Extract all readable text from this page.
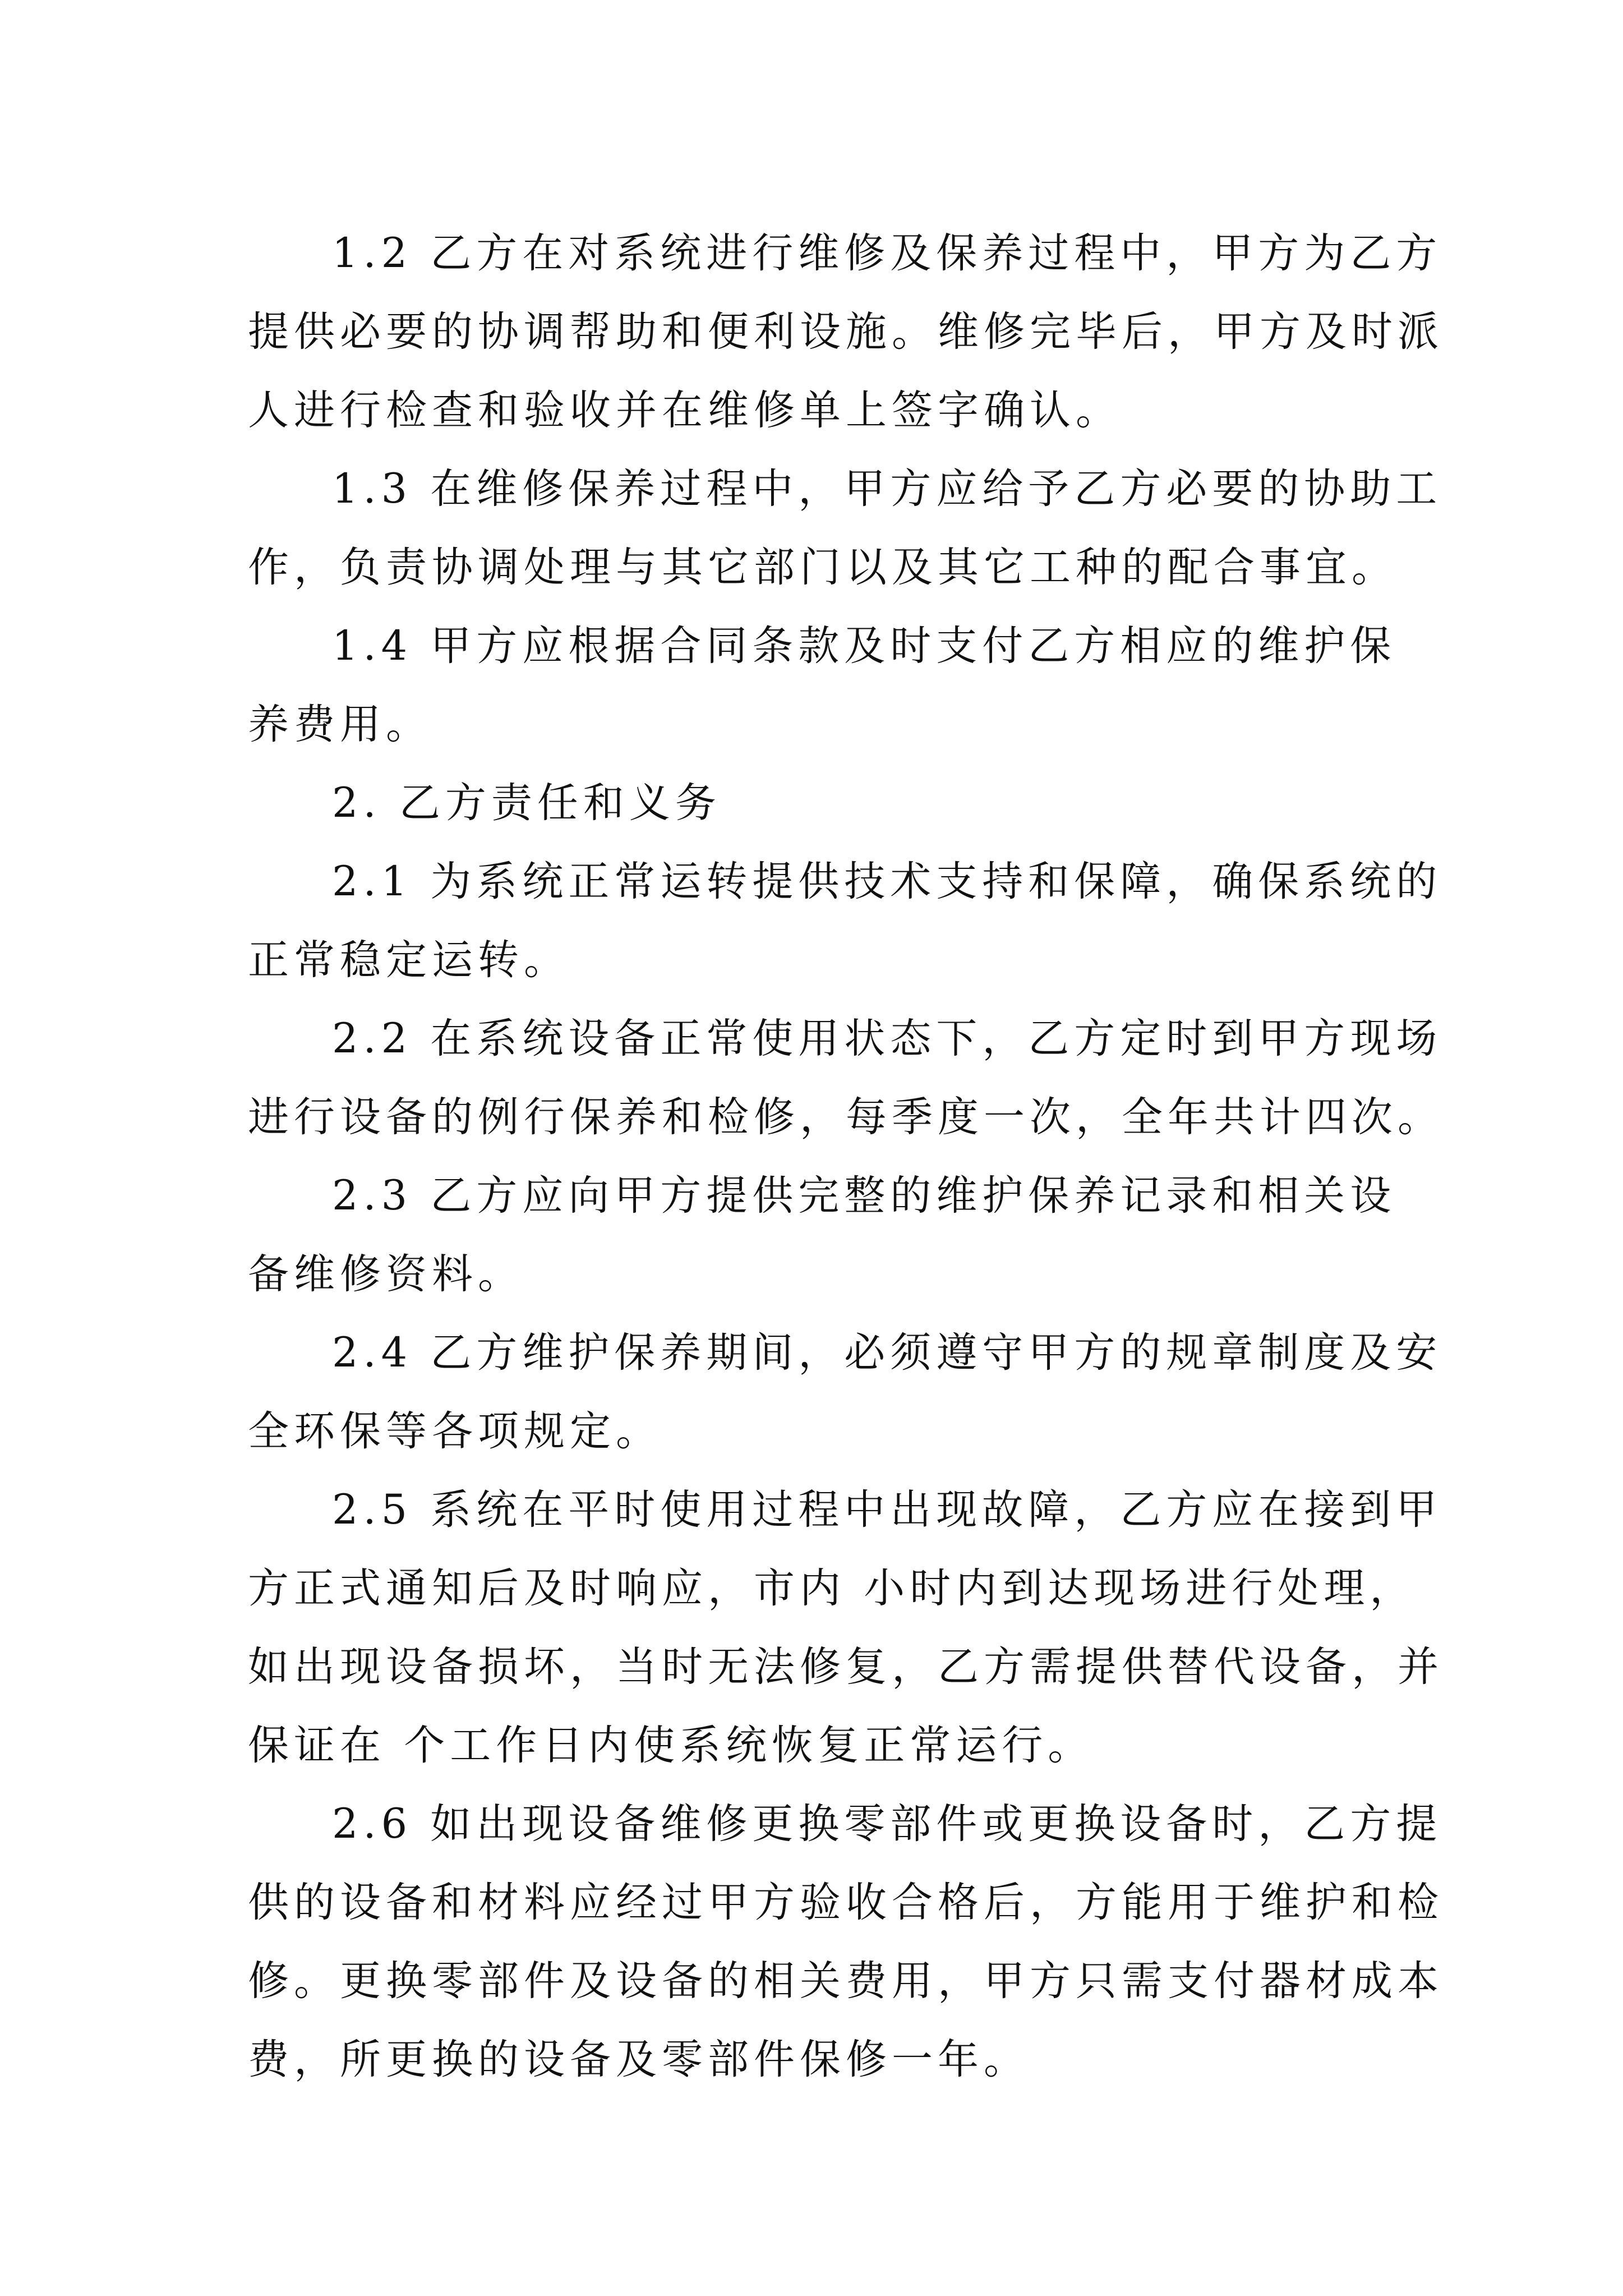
1.2 乙方在对系统进行维修及保养过程中，甲方为乙方
提供必要的协调帮助和便利设施。维修完毕后，甲方及时派
人进行检查和验收并在维修单上签字确认。
1.3 在维修保养过程中，甲方应给予乙方必要的协助工
作，负责协调处理与其它部门以及其它工种的配合事宜。
1.4 甲方应根据合同条款及时支付乙方相应的维护保
养费用。
2. 乙方责任和义务
2.1 为系统正常运转提供技术支持和保障，确保系统的
正常稳定运转。
2.2 在系统设备正常使用状态下，乙方定时到甲方现场
进行设备的例行保养和检修，每季度一次，全年共计四次。
2.3 乙方应向甲方提供完整的维护保养记录和相关设
备维修资料。
2.4 乙方维护保养期间，必须遵守甲方的规章制度及安
全环保等各项规定。
2.5 系统在平时使用过程中出现故障，乙方应在接到甲
方正式通知后及时响应，市内 小时内到达现场进行处理，
如出现设备损坏，当时无法修复，乙方需提供替代设备，并
保证在 个工作日内使系统恢复正常运行。
2.6 如出现设备维修更换零部件或更换设备时，乙方提
供的设备和材料应经过甲方验收合格后，方能用于维护和检
修。更换零部件及设备的相关费用，甲方只需支付器材成本
费，所更换的设备及零部件保修一年。
